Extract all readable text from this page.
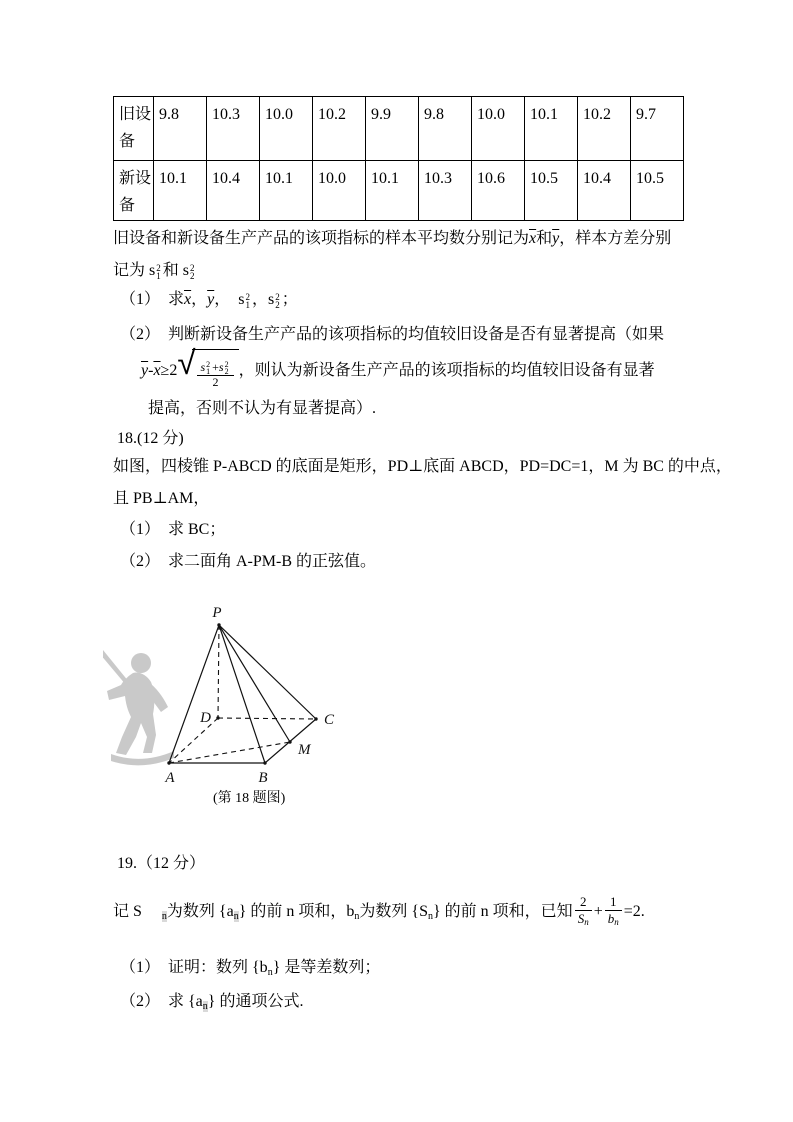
旧设备	9.8	10.3	10.0	10.2	9.9	9.8	10.0	10.1	10.2	9.7
新设备	10.1	10.4	10.1	10.0	10.1	10.3	10.6	10.5	10.4	10.5
旧设备和新设备生产产品的该项指标的样本平均数分别记为$\overline{x}$和$\overline{y}$，样本方差分别
记为 s 2
1 和 s 2
2
（1）　求$\overline{x}$，$\overline{y}$，　s 2
1 ，s 2
2 ；
（2）　判断新设备生产产品的该项指标的均值较旧设备是否有显著提高（如果
$\overline{y}-\overline{x}\ge 2$ √ s 2
1 +s 2
2
2 ，则认为新设备生产产品的该项指标的均值较旧设备有显著
提高，否则不认为有显著提高）.
18.(12 分)
如图，四棱锥 P-ABCD 的底面是矩形，PD⊥底面 ABCD，PD=DC=1，M 为 BC 的中点，
且 PB⊥AM，
（1）　求 BC；
（2）　求二面角 A-PM-B 的正弦值。
P
D	C
M
A	B
(第 18 题图)
19.（12 分）
记 S　 $_n$为数列 $\{a_n\}$ 的前 n 项和，$b_n$为数列 $\{S_n\}$ 的前 n 项和，已知 $\frac{2}{Sn} + \frac{1}{bn} =2$.
（1）　证明：数列 $\{b_n\}$ 是等差数列；
（2）　求 $\{a_n\}$ 的通项公式.
